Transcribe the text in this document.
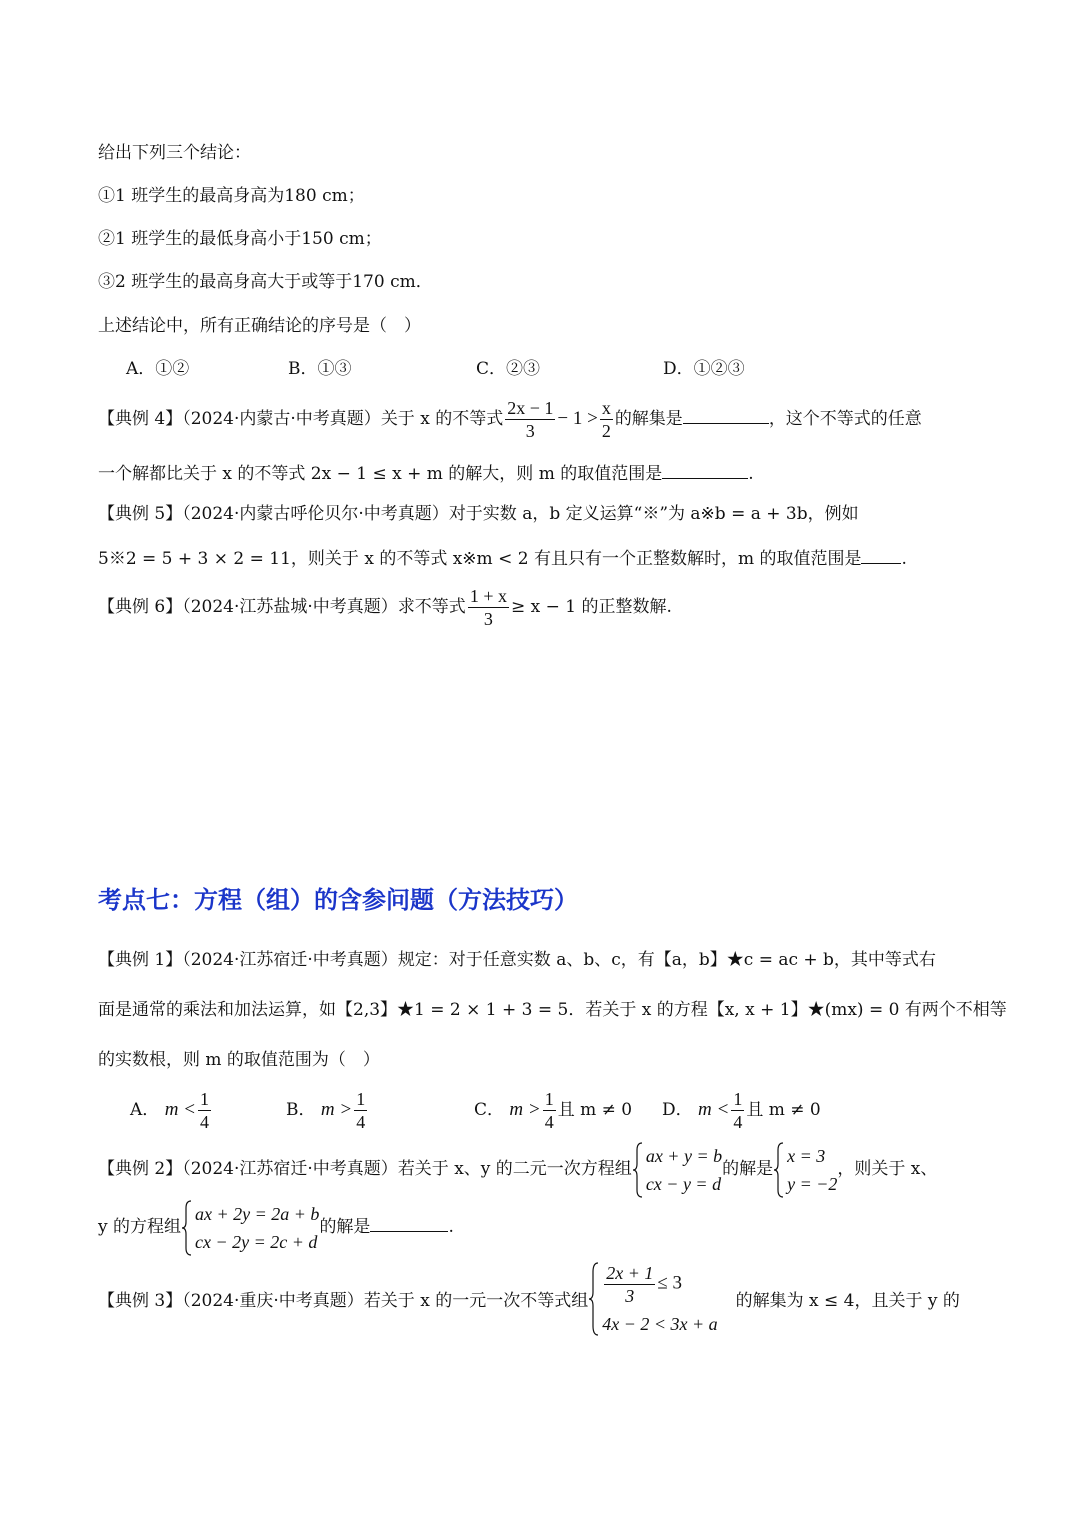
给出下列三个结论：
①1 班学生的最高身高为180 cm；
②1 班学生的最低身高小于150 cm；
③2 班学生的最高身高大于或等于170 cm．
上述结论中，所有正确结论的序号是（　）
A．①②	B．①③	C．②③	D．①②③
【典例 4】（2024·内蒙古·中考真题）关于 x 的不等式 $\frac{2x - 1}{3} - 1 > \frac{x}{2}$ 的解集是	，这个不等式的任意
一个解都比关于 x 的不等式 2x − 1 ≤ x + m 的解大，则 m 的取值范围是	.
【典例 5】（2024·内蒙古呼伦贝尔·中考真题）对于实数 a，b 定义运算“※”为 a※b = a + 3b，例如
5※2 = 5 + 3 × 2 = 11，则关于 x 的不等式 x※m < 2 有且只有一个正整数解时，m 的取值范围是 .
【典例 6】（2024·江苏盐城·中考真题）求不等式 $\frac{1 + x}{3} \ge x - 1$ 的正整数解.
考点七：方程（组）的含参问题（方法技巧）
【典例 1】（2024·江苏宿迁·中考真题）规定：对于任意实数 a、b、c，有【a，b】★c = ac + b，其中等式右
面是通常的乘法和加法运算，如【2,3】★1 = 2 × 1 + 3 = 5．若关于 x 的方程【x, x + 1】★(mx) = 0 有两个不相等
的实数根，则 m 的取值范围为（　）
A． $m < \frac{1}{4}$	B． $m > \frac{1}{4}$	C． $m > \frac{1}{4}$ 且 m ≠ 0 D． $m < \frac{1}{4}$ 且 m ≠ 0
【典例 2】（2024·江苏宿迁·中考真题）若关于 x、y 的二元一次方程组
ax + y = b
cx − y = d
的解是
x = 3
y = −2
，则关于 x、
y 的方程组
ax + 2y = 2a + b
cx − 2y = 2c + d
的解是	.
【典例 3】（2024·重庆·中考真题）若关于 x 的一元一次不等式组 $\frac{2x + 1}{3} \le 3$
4x − 2 < 3x + a
的解集为 x ≤ 4，且关于 y 的
